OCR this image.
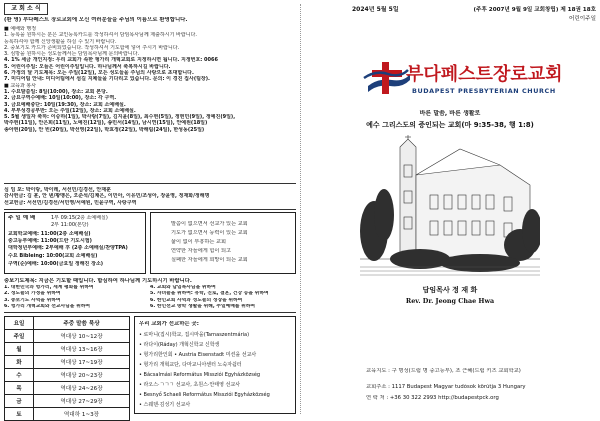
교 회 소 식
(환 영) 부다페스트 장로교회에 오신 여러분들을 주님의 이름으로 환영합니다.
■ 예배와 행정
1. 등록을 원하시는 분은 교인등록카드를 작성하셔서 담임목사님께 제출하시기 바랍니다.
등록하셔야 함께 신앙생활을 하실 수 있기 바랍니다.
2. 중보기도 카드가 준비되었습니다. 작성하셔서 기도함에 넣어 주시기 바랍니다.
3. 심방을 원하시는 성도들께서는 담임목사님께 문의바랍니다.
4. 1% 세금 개인지정: 우리 교회가 속한 헝가리 개혁교회로 지정하시면 됩니다. 지정번호: 0066
5. 어린이주일: 오늘은 어린이주일입니다. 하나님께서 축복하시길 바랍니다.
6. 가정의 달 기도제목: 오는 주일(12일), 모든 성도들을 주님의 사랑으로 초대합니다.
7. 미디어팀 안내: 미디어팀에서 섬길 지체들을 기다리고 있습니다. 문의: 이 경진 집사(팀장).
■ 교육과 봉사
1. 수요말씀일: 8일(10:00), 장소: 교회 본당.
2. 금요구역수예배: 10일(10:00), 장소: 각 구역.
3. 금요예배중단: 10일(19:30), 장소: 교회 소예배실.
4. 부부성경공부반: 오는 주일(12일), 장소: 교회 소예배실.
5. 5월 생일자 축하: 이승하(1일), 박사랑(7일), 김지윤(8일), 최수현(5일), 정현민(9일), 정예진(9일),
박주현(11일), 안은희(11일), 노예진(12일), 송민서(14일), 남시연(15일), 안예원(18일)
송아현(20일), 안 빈(20일), 박선영(22일), 박효정(22일), 박해림(24일), 한성동(25일)
심 임 포: 박이랑, 박이레, 서선민/김경선, 안재훈
감사헌금: 김 훈, 안 넨/황맹은, 오준석/김채은, 이민아, 이유민/조성아, 장윤영, 정재화/정해명
선교헌금: 서선민/김경선/서민영/서예원, 민윤구역, 사랑구역
주 일 예 배	1부 09:15(2층 소예배실)
2부 11:00(본당)
교회학교예배: 11:00(2층 소예배실)
중고등부예배: 11:00(드란 기도시험)
대학청년부예배: 2부예배 후 (2층 소예배실/찬양TPA)
수요 Bibleing: 10:00(교회 소예배실)
구역(순)예배: 10:00(금요일 정해진 장소)
말씀이 없으면서 선교가 있는 교회
기도가 없으면서 능력이 있는 교회
삶이 없이 부흥하는 교회
연약한 자들에게 힘이 되고
실패한 자들에게 희망이 되는 교회
중보기도제목: 지금은 기도할 때입니다. 합심하여 하나님께 기도하시기 바랍니다.
1. 대한민국과 헝가리, 세계 평화를 위하여
2. 성도들의 가정을 위하여
3. 중보기도 사역을 위하여
6. 헝가리 개혁교회와 선교사님을 위하여
4. 교회와 담임목사님을 위하여
5. 자녀들을 위하여: 유학, 진로, 결혼, 건강 등을 위하여
6. 한인교회 사역과 성도들의 성장을 위하여
6. 한인선교 방학 생활을 위해, 주일예배를 위하여
요일	주중 말씀 묵상
주일	역대상 10~12장
월	역대상 13~16장
화	역대상 17~19장
수	역대상 20~23장
목	역대상 24~26장
금	역대상 27~29장
토	역대하 1~3장
우리 교회가 선교하는 곳:
• 로마니(집시)학교, 집시마을(Tarnaszentmária)
• 라다이(Ráday) 개혁신학교 신학생
• 헝가리한인회 • Austria Eisenstadt 미션을 선교사
• 헝가리 개혁교단, 다마교니아센터 노숙자쉼터
• Bácsalmási Református Missziói Egyházközség
• 라오스·ㄱㄱㄱ 선교사, 초원스·안태영 선교사
• Besnyő Schaeli Református Missziói Egyházközség
• 스웨덴·김성기 선교사
2024년 5월 5일	(주후 2007년 9월 9일 교회창립) 제 18권 18호
어린이주일
부다페스트장로교회
BUDAPEST PRESBYTERIAN CHURCH
바른 말씀, 바른 생활로
예수 그리스도의 증인되는 교회(마 9:35-38, 행 1:8)
담임목사 정 재 화
Rev. Dr. Jeong Chae Hwa
교육지도 : 구 명성(드럼 명 중고등부), 조 근혜(드럼 키즈 교회학교)
교회주소 : 1117 Budapest Magyar tudósok körútja 3 Hungary
연 락 처 : +36 30 322 2993 http://budapestpck.org
